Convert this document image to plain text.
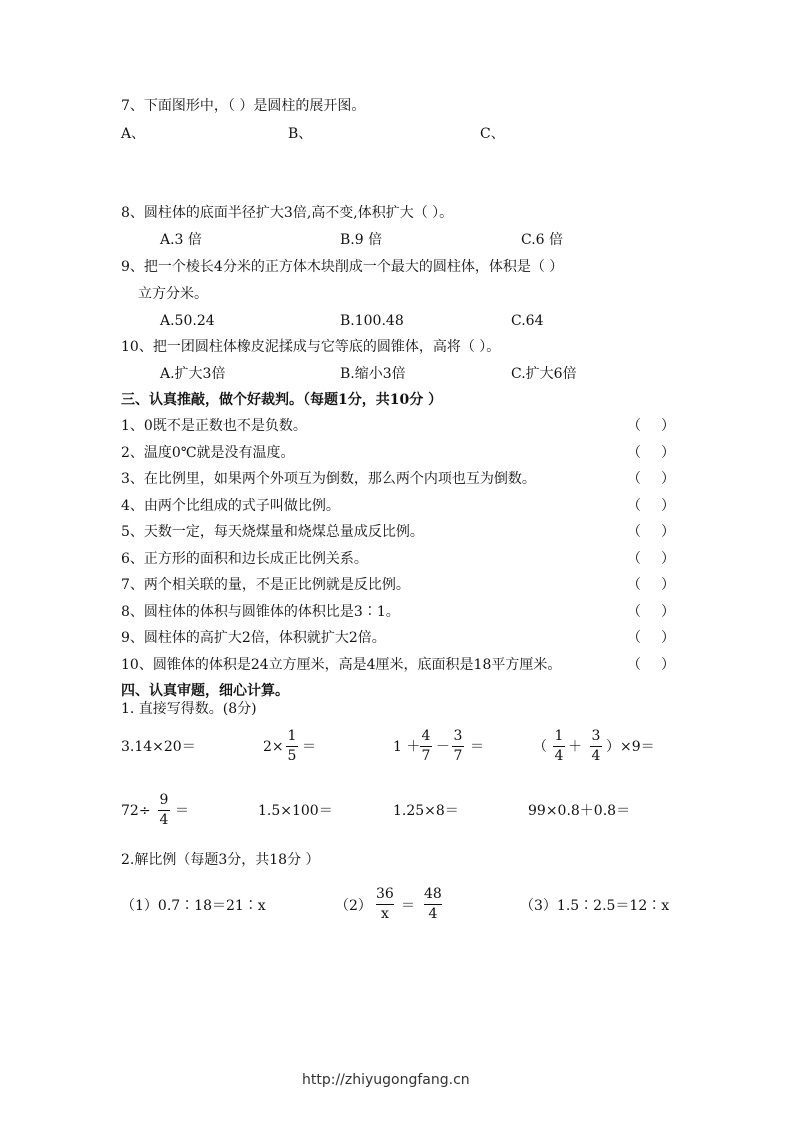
7、下面图形中，（ ）是圆柱的展开图。
A、	B、	C、
8、圆柱体的底面半径扩大3倍,高不变,体积扩大（ ）。
A.3 倍	B.9 倍	C.6 倍
9、把一个棱长4分米的正方体木块削成一个最大的圆柱体，体积是（ ）
立方分米。
A.50.24	B.100.48	C.64
10、把一团圆柱体橡皮泥揉成与它等底的圆锥体，高将（ ）。
A.扩大3倍	B.缩小3倍	C.扩大6倍
三、认真推敲，做个好裁判。（每题1分，共10分 ）
1、0既不是正数也不是负数。	（ ）
2、温度0℃就是没有温度。	（ ）
3、在比例里，如果两个外项互为倒数，那么两个内项也互为倒数。	（ ）
4、由两个比组成的式子叫做比例。	（ ）
5、天数一定，每天烧煤量和烧煤总量成反比例。	（ ）
6、正方形的面积和边长成正比例关系。	（ ）
7、两个相关联的量，不是正比例就是反比例。	（ ）
8、圆柱体的体积与圆锥体的体积比是3∶1。	（ ）
9、圆柱体的高扩大2倍，体积就扩大2倍。	（ ）
10、圆锥体的体积是24立方厘米，高是4厘米，底面积是18平方厘米。	（ ）
四、认真审题，细心计算。
1. 直接写得数。(8分)
3.14×20＝	2×
1
5
＝	1 ＋
4
7
－
3
7
＝	（
1
4
＋
3
4
）×9＝
72÷
9
4
＝	1.5×100＝	1.25×8＝	99×0.8＋0.8＝
2.解比例（每题3分，共18分 ）
（1）0.7∶18＝21∶x	（2）
36
x ＝
48
4	（3）1.5∶2.5＝12∶x
http://zhiyugongfang.cn
